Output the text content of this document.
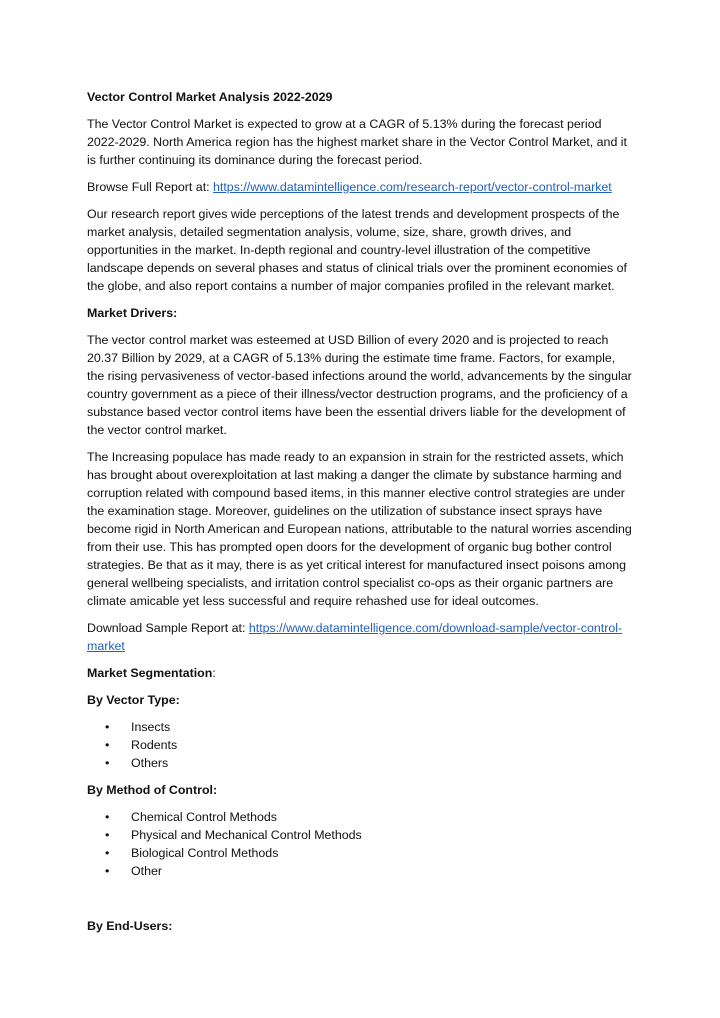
Vector Control Market Analysis 2022-2029

The Vector Control Market is expected to grow at a CAGR of 5.13% during the forecast period 2022-2029. North America region has the highest market share in the Vector Control Market, and it is further continuing its dominance during the forecast period.

Browse Full Report at: https://www.datamintelligence.com/research-report/vector-control-market

Our research report gives wide perceptions of the latest trends and development prospects of the market analysis, detailed segmentation analysis, volume, size, share, growth drives, and opportunities in the market. In-depth regional and country-level illustration of the competitive landscape depends on several phases and status of clinical trials over the prominent economies of the globe, and also report contains a number of major companies profiled in the relevant market.

Market Drivers:

The vector control market was esteemed at USD Billion of every 2020 and is projected to reach 20.37 Billion by 2029, at a CAGR of 5.13% during the estimate time frame. Factors, for example, the rising pervasiveness of vector-based infections around the world, advancements by the singular country government as a piece of their illness/vector destruction programs, and the proficiency of a substance based vector control items have been the essential drivers liable for the development of the vector control market.

The Increasing populace has made ready to an expansion in strain for the restricted assets, which has brought about overexploitation at last making a danger the climate by substance harming and corruption related with compound based items, in this manner elective control strategies are under the examination stage. Moreover, guidelines on the utilization of substance insect sprays have become rigid in North American and European nations, attributable to the natural worries ascending from their use. This has prompted open doors for the development of organic bug bother control strategies. Be that as it may, there is as yet critical interest for manufactured insect poisons among general wellbeing specialists, and irritation control specialist co-ops as their organic partners are climate amicable yet less successful and require rehashed use for ideal outcomes.

Download Sample Report at: https://www.datamintelligence.com/download-sample/vector-control-market

Market Segmentation:

By Vector Type:

• Insects
• Rodents
• Others

By Method of Control:

• Chemical Control Methods
• Physical and Mechanical Control Methods
• Biological Control Methods
• Other

By End-Users:
